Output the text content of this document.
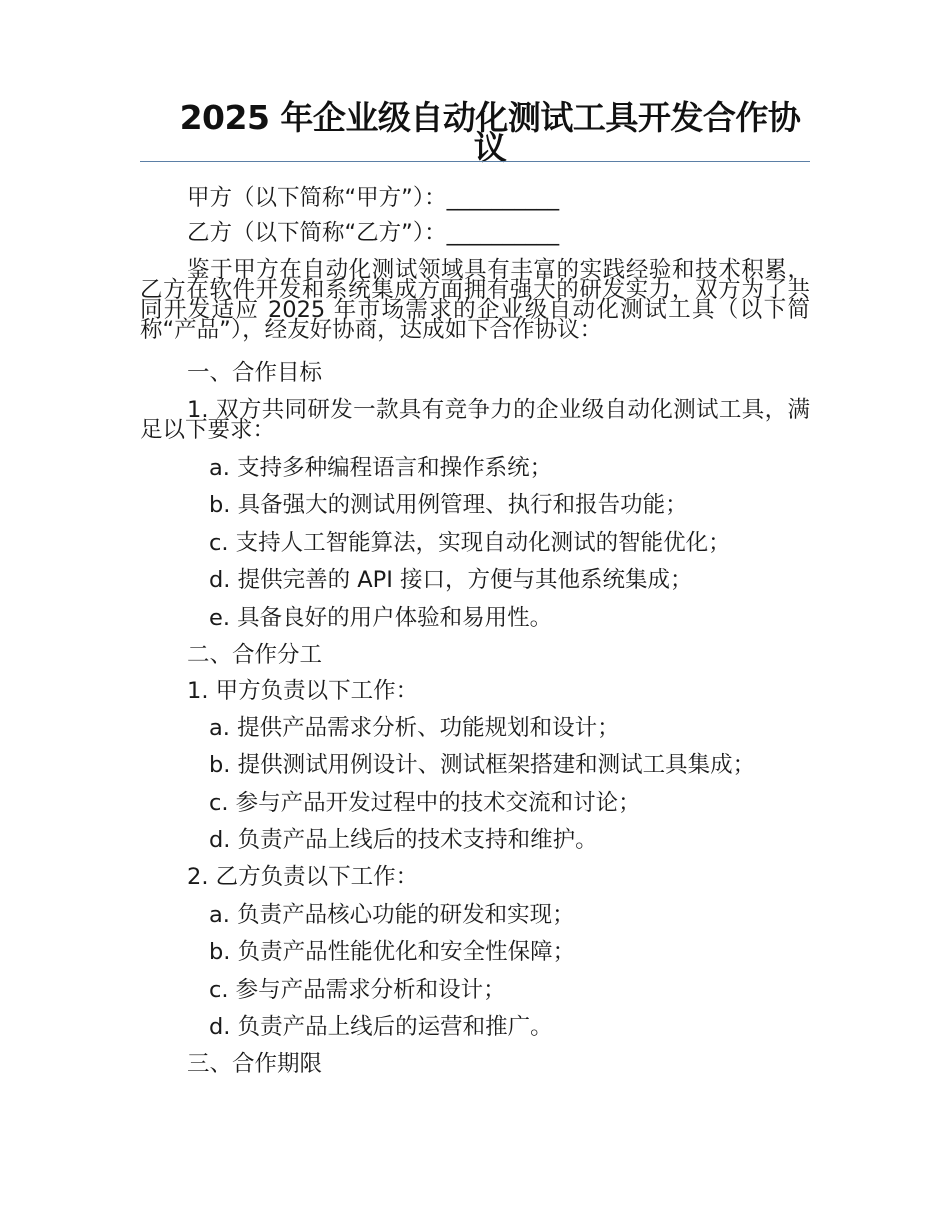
2025 年企业级自动化测试工具开发合作协议

甲方（以下简称“甲方”）：__________

乙方（以下简称“乙方”）：__________

鉴于甲方在自动化测试领域具有丰富的实践经验和技术积累，乙方在软件开发和系统集成方面拥有强大的研发实力，双方为了共同开发适应 2025 年市场需求的企业级自动化测试工具（以下简称“产品”），经友好协商，达成如下合作协议：

一、合作目标

1. 双方共同研发一款具有竞争力的企业级自动化测试工具，满足以下要求：

a. 支持多种编程语言和操作系统；

b. 具备强大的测试用例管理、执行和报告功能；

c. 支持人工智能算法，实现自动化测试的智能优化；

d. 提供完善的 API 接口，方便与其他系统集成；

e. 具备良好的用户体验和易用性。

二、合作分工

1. 甲方负责以下工作：

a. 提供产品需求分析、功能规划和设计；

b. 提供测试用例设计、测试框架搭建和测试工具集成；

c. 参与产品开发过程中的技术交流和讨论；

d. 负责产品上线后的技术支持和维护。

2. 乙方负责以下工作：

a. 负责产品核心功能的研发和实现；

b. 负责产品性能优化和安全性保障；

c. 参与产品需求分析和设计；

d. 负责产品上线后的运营和推广。

三、合作期限
